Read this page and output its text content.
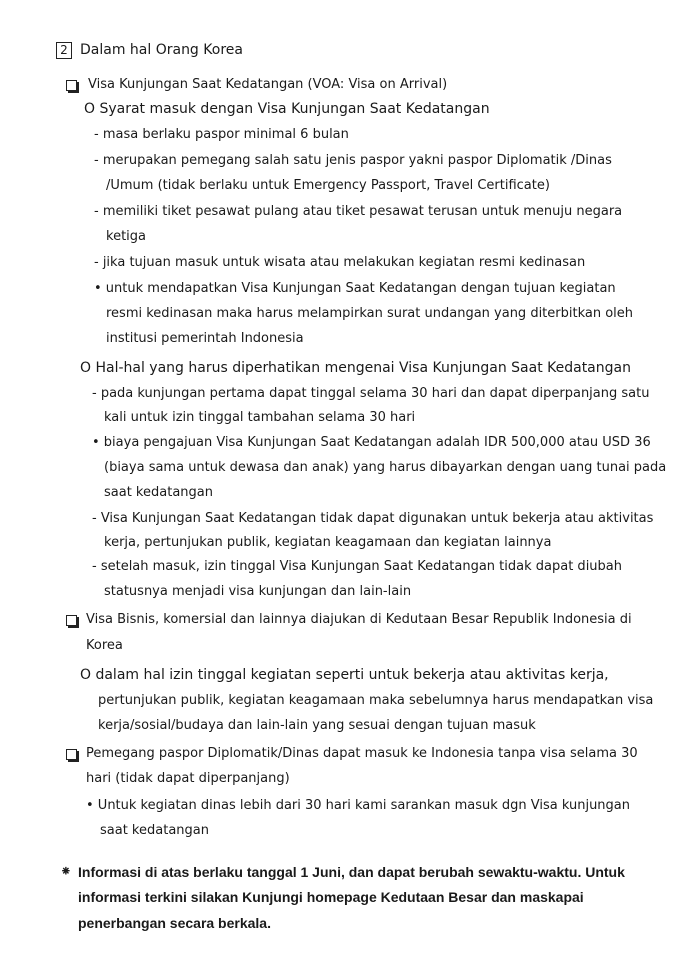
2 Dalam hal Orang Korea
Visa Kunjungan Saat Kedatangan (VOA: Visa on Arrival)
O Syarat masuk dengan Visa Kunjungan Saat Kedatangan
- masa berlaku paspor minimal 6 bulan
- merupakan pemegang salah satu jenis paspor yakni paspor Diplomatik /Dinas
/Umum (tidak berlaku untuk Emergency Passport, Travel Certificate)
- memiliki tiket pesawat pulang atau tiket pesawat terusan untuk menuju negara
ketiga
- jika tujuan masuk untuk wisata atau melakukan kegiatan resmi kedinasan
• untuk mendapatkan Visa Kunjungan Saat Kedatangan dengan tujuan kegiatan
resmi kedinasan maka harus melampirkan surat undangan yang diterbitkan oleh
institusi pemerintah Indonesia
O Hal-hal yang harus diperhatikan mengenai Visa Kunjungan Saat Kedatangan
- pada kunjungan pertama dapat tinggal selama 30 hari dan dapat diperpanjang satu
kali untuk izin tinggal tambahan selama 30 hari
• biaya pengajuan Visa Kunjungan Saat Kedatangan adalah IDR 500,000 atau USD 36
(biaya sama untuk dewasa dan anak) yang harus dibayarkan dengan uang tunai pada
saat kedatangan
- Visa Kunjungan Saat Kedatangan tidak dapat digunakan untuk bekerja atau aktivitas
kerja, pertunjukan publik, kegiatan keagamaan dan kegiatan lainnya
- setelah masuk, izin tinggal Visa Kunjungan Saat Kedatangan tidak dapat diubah
statusnya menjadi visa kunjungan dan lain-lain
Visa Bisnis, komersial dan lainnya diajukan di Kedutaan Besar Republik Indonesia di
Korea
O dalam hal izin tinggal kegiatan seperti untuk bekerja atau aktivitas kerja,
pertunjukan publik, kegiatan keagamaan maka sebelumnya harus mendapatkan visa
kerja/sosial/budaya dan lain-lain yang sesuai dengan tujuan masuk
Pemegang paspor Diplomatik/Dinas dapat masuk ke Indonesia tanpa visa selama 30
hari (tidak dapat diperpanjang)
• Untuk kegiatan dinas lebih dari 30 hari kami sarankan masuk dgn Visa kunjungan
saat kedatangan
⁕ Informasi di atas berlaku tanggal 1 Juni, dan dapat berubah sewaktu-waktu. Untuk
informasi terkini silakan Kunjungi homepage Kedutaan Besar dan maskapai
penerbangan secara berkala.
